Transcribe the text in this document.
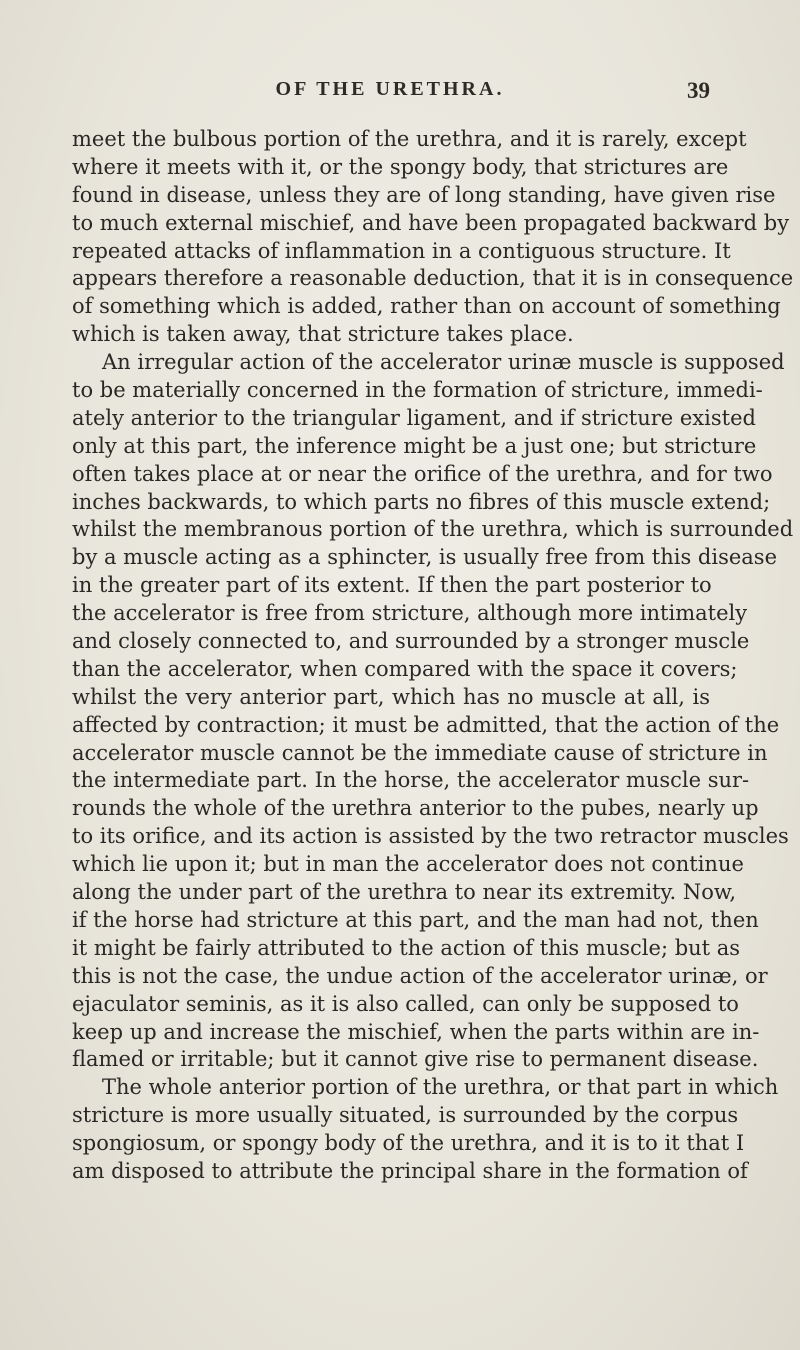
OF THE URETHRA.	39
meet the bulbous portion of the urethra, and it is rarely, except
where it meets with it, or the spongy body, that strictures are
found in disease, unless they are of long standing, have given rise
to much external mischief, and have been propagated backward by
repeated attacks of inflammation in a contiguous structure. It
appears therefore a reasonable deduction, that it is in consequence
of something which is added, rather than on account of something
which is taken away, that stricture takes place.
An irregular action of the accelerator urinæ muscle is supposed
to be materially concerned in the formation of stricture, immedi-
ately anterior to the triangular ligament, and if stricture existed
only at this part, the inference might be a just one; but stricture
often takes place at or near the orifice of the urethra, and for two
inches backwards, to which parts no fibres of this muscle extend;
whilst the membranous portion of the urethra, which is surrounded
by a muscle acting as a sphincter, is usually free from this disease
in the greater part of its extent. If then the part posterior to
the accelerator is free from stricture, although more intimately
and closely connected to, and surrounded by a stronger muscle
than the accelerator, when compared with the space it covers;
whilst the very anterior part, which has no muscle at all, is
affected by contraction; it must be admitted, that the action of the
accelerator muscle cannot be the immediate cause of stricture in
the intermediate part. In the horse, the accelerator muscle sur-
rounds the whole of the urethra anterior to the pubes, nearly up
to its orifice, and its action is assisted by the two retractor muscles
which lie upon it; but in man the accelerator does not continue
along the under part of the urethra to near its extremity. Now,
if the horse had stricture at this part, and the man had not, then
it might be fairly attributed to the action of this muscle; but as
this is not the case, the undue action of the accelerator urinæ, or
ejaculator seminis, as it is also called, can only be supposed to
keep up and increase the mischief, when the parts within are in-
flamed or irritable; but it cannot give rise to permanent disease.
The whole anterior portion of the urethra, or that part in which
stricture is more usually situated, is surrounded by the corpus
spongiosum, or spongy body of the urethra, and it is to it that I
am disposed to attribute the principal share in the formation of
